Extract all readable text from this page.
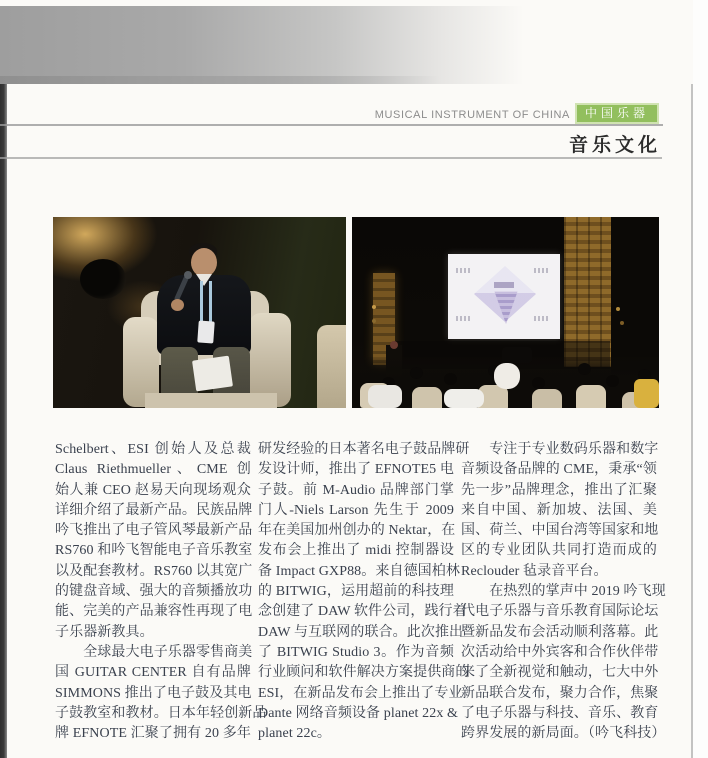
MUSICAL INSTRUMENT OF CHINA	中国乐器
音乐文化
Schelbert、ESI 创始人及总裁
Claus Riethmueller、CME 创
始人兼 CEO 赵易天向现场观众
详细介绍了最新产品。民族品牌
吟飞推出了电子管风琴最新产品
RS760 和吟飞智能电子音乐教室
以及配套教材。RS760 以其宽广
的键盘音域、强大的音频播放功
能、完美的产品兼容性再现了电
子乐器新教具。
　　全球最大电子乐器零售商美
国 GUITAR CENTER 自有品牌
SIMMONS 推出了电子鼓及其电
子鼓教室和教材。日本年轻创新品
牌 EFNOTE 汇聚了拥有 20 多年
研发经验的日本著名电子鼓品牌研
发设计师，推出了 EFNOTE5 电
子鼓。前 M-Audio 品牌部门掌
门人-Niels Larson 先生于 2009
年在美国加州创办的 Nektar，在
发布会上推出了 midi 控制器设
备 Impact GXP88。来自德国柏林
的 BITWIG，运用超前的科技理
念创建了 DAW 软件公司，践行着
DAW 与互联网的联合。此次推出
了 BITWIG Studio 3。作为音频
行业顾问和软件解决方案提供商的
ESI，在新品发布会上推出了专业
Dante 网络音频设备 planet 22x &
planet 22c。
　　专注于专业数码乐器和数字
音频设备品牌的 CME，秉承“领
先一步”品牌理念，推出了汇聚
来自中国、新加坡、法国、美
国、荷兰、中国台湾等国家和地
区的专业团队共同打造而成的
Reclouder 毡录音平台。
　　在热烈的掌声中 2019 吟飞现
代电子乐器与音乐教育国际论坛
暨新品发布会活动顺利落幕。此
次活动给中外宾客和合作伙伴带
来了全新视觉和触动，七大中外
新品联合发布，聚力合作，焦聚
了电子乐器与科技、音乐、教育
跨界发展的新局面。（吟飞科技）
